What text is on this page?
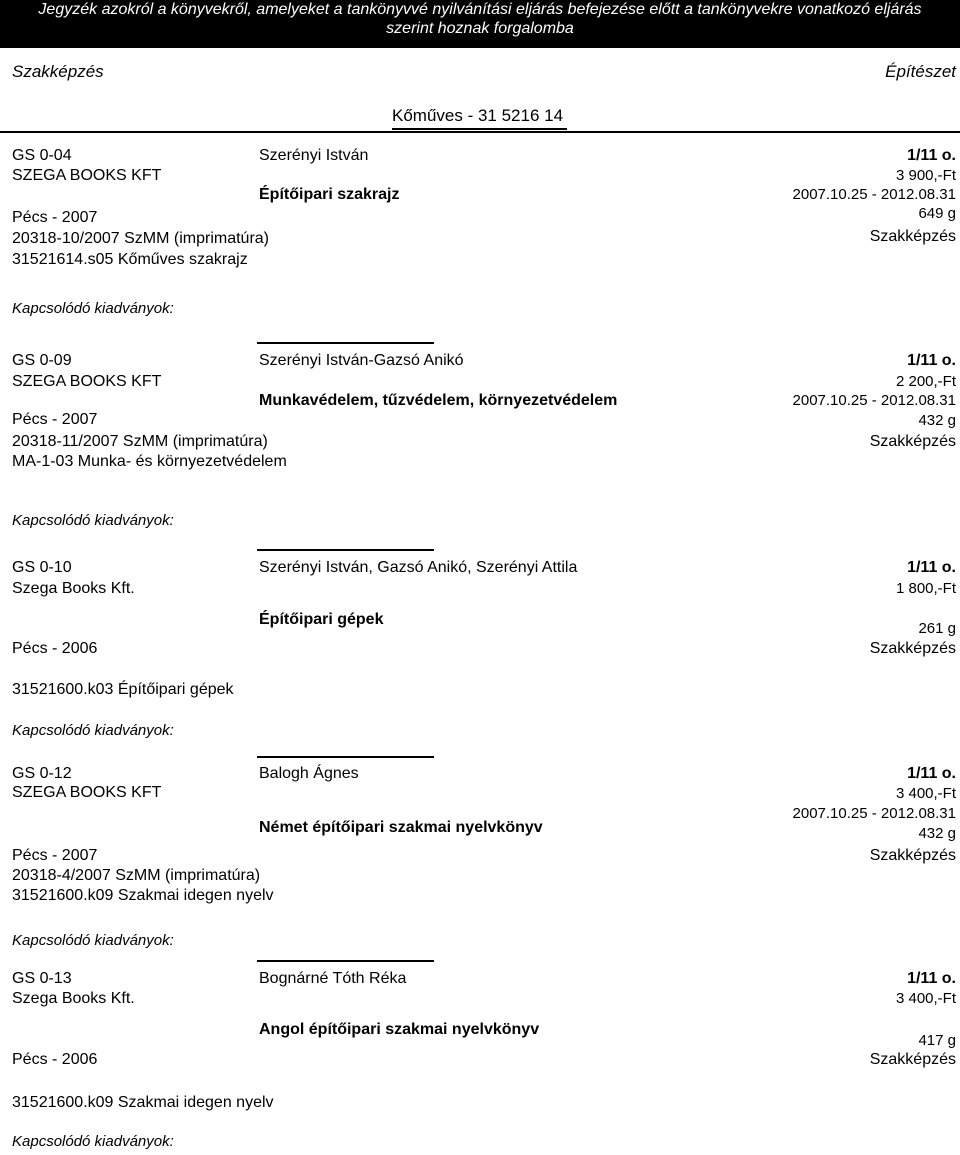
Jegyzék azokról a könyvekről, amelyeket a tankönyvvé nyilvánítási eljárás befejezése előtt a tankönyvekre vonatkozó eljárás
szerint hoznak forgalomba
Szakképzés	Építészet
Kőműves - 31 5216 14
GS 0-04
SZEGA BOOKS KFT
Pécs - 2007
20318-10/2007 SzMM (imprimatúra)
31521614.s05 Kőműves szakrajz
Szerényi István
Építőipari szakrajz
1/11 o.
3 900,-Ft
2007.10.25 - 2012.08.31
649 g
Szakképzés
Kapcsolódó kiadványok:
GS 0-09
SZEGA BOOKS KFT
Pécs - 2007
20318-11/2007 SzMM (imprimatúra)
MA-1-03 Munka- és környezetvédelem
Szerényi István-Gazsó Anikó
Munkavédelem, tűzvédelem, környezetvédelem
1/11 o.
2 200,-Ft
2007.10.25 - 2012.08.31
432 g
Szakképzés
Kapcsolódó kiadványok:
GS 0-10
Szega Books Kft.
Pécs - 2006
31521600.k03 Építőipari gépek
Szerényi István, Gazsó Anikó, Szerényi Attila
Építőipari gépek
1/11 o.
1 800,-Ft
261 g
Szakképzés
Kapcsolódó kiadványok:
GS 0-12
SZEGA BOOKS KFT
Pécs - 2007
20318-4/2007 SzMM (imprimatúra)
31521600.k09 Szakmai idegen nyelv
Balogh Ágnes
Német építőipari szakmai nyelvkönyv
1/11 o.
3 400,-Ft
2007.10.25 - 2012.08.31
432 g
Szakképzés
Kapcsolódó kiadványok:
GS 0-13
Szega Books Kft.
Pécs - 2006
31521600.k09 Szakmai idegen nyelv
Bognárné Tóth Réka
Angol építőipari szakmai nyelvkönyv
1/11 o.
3 400,-Ft
417 g
Szakképzés
Kapcsolódó kiadványok:
